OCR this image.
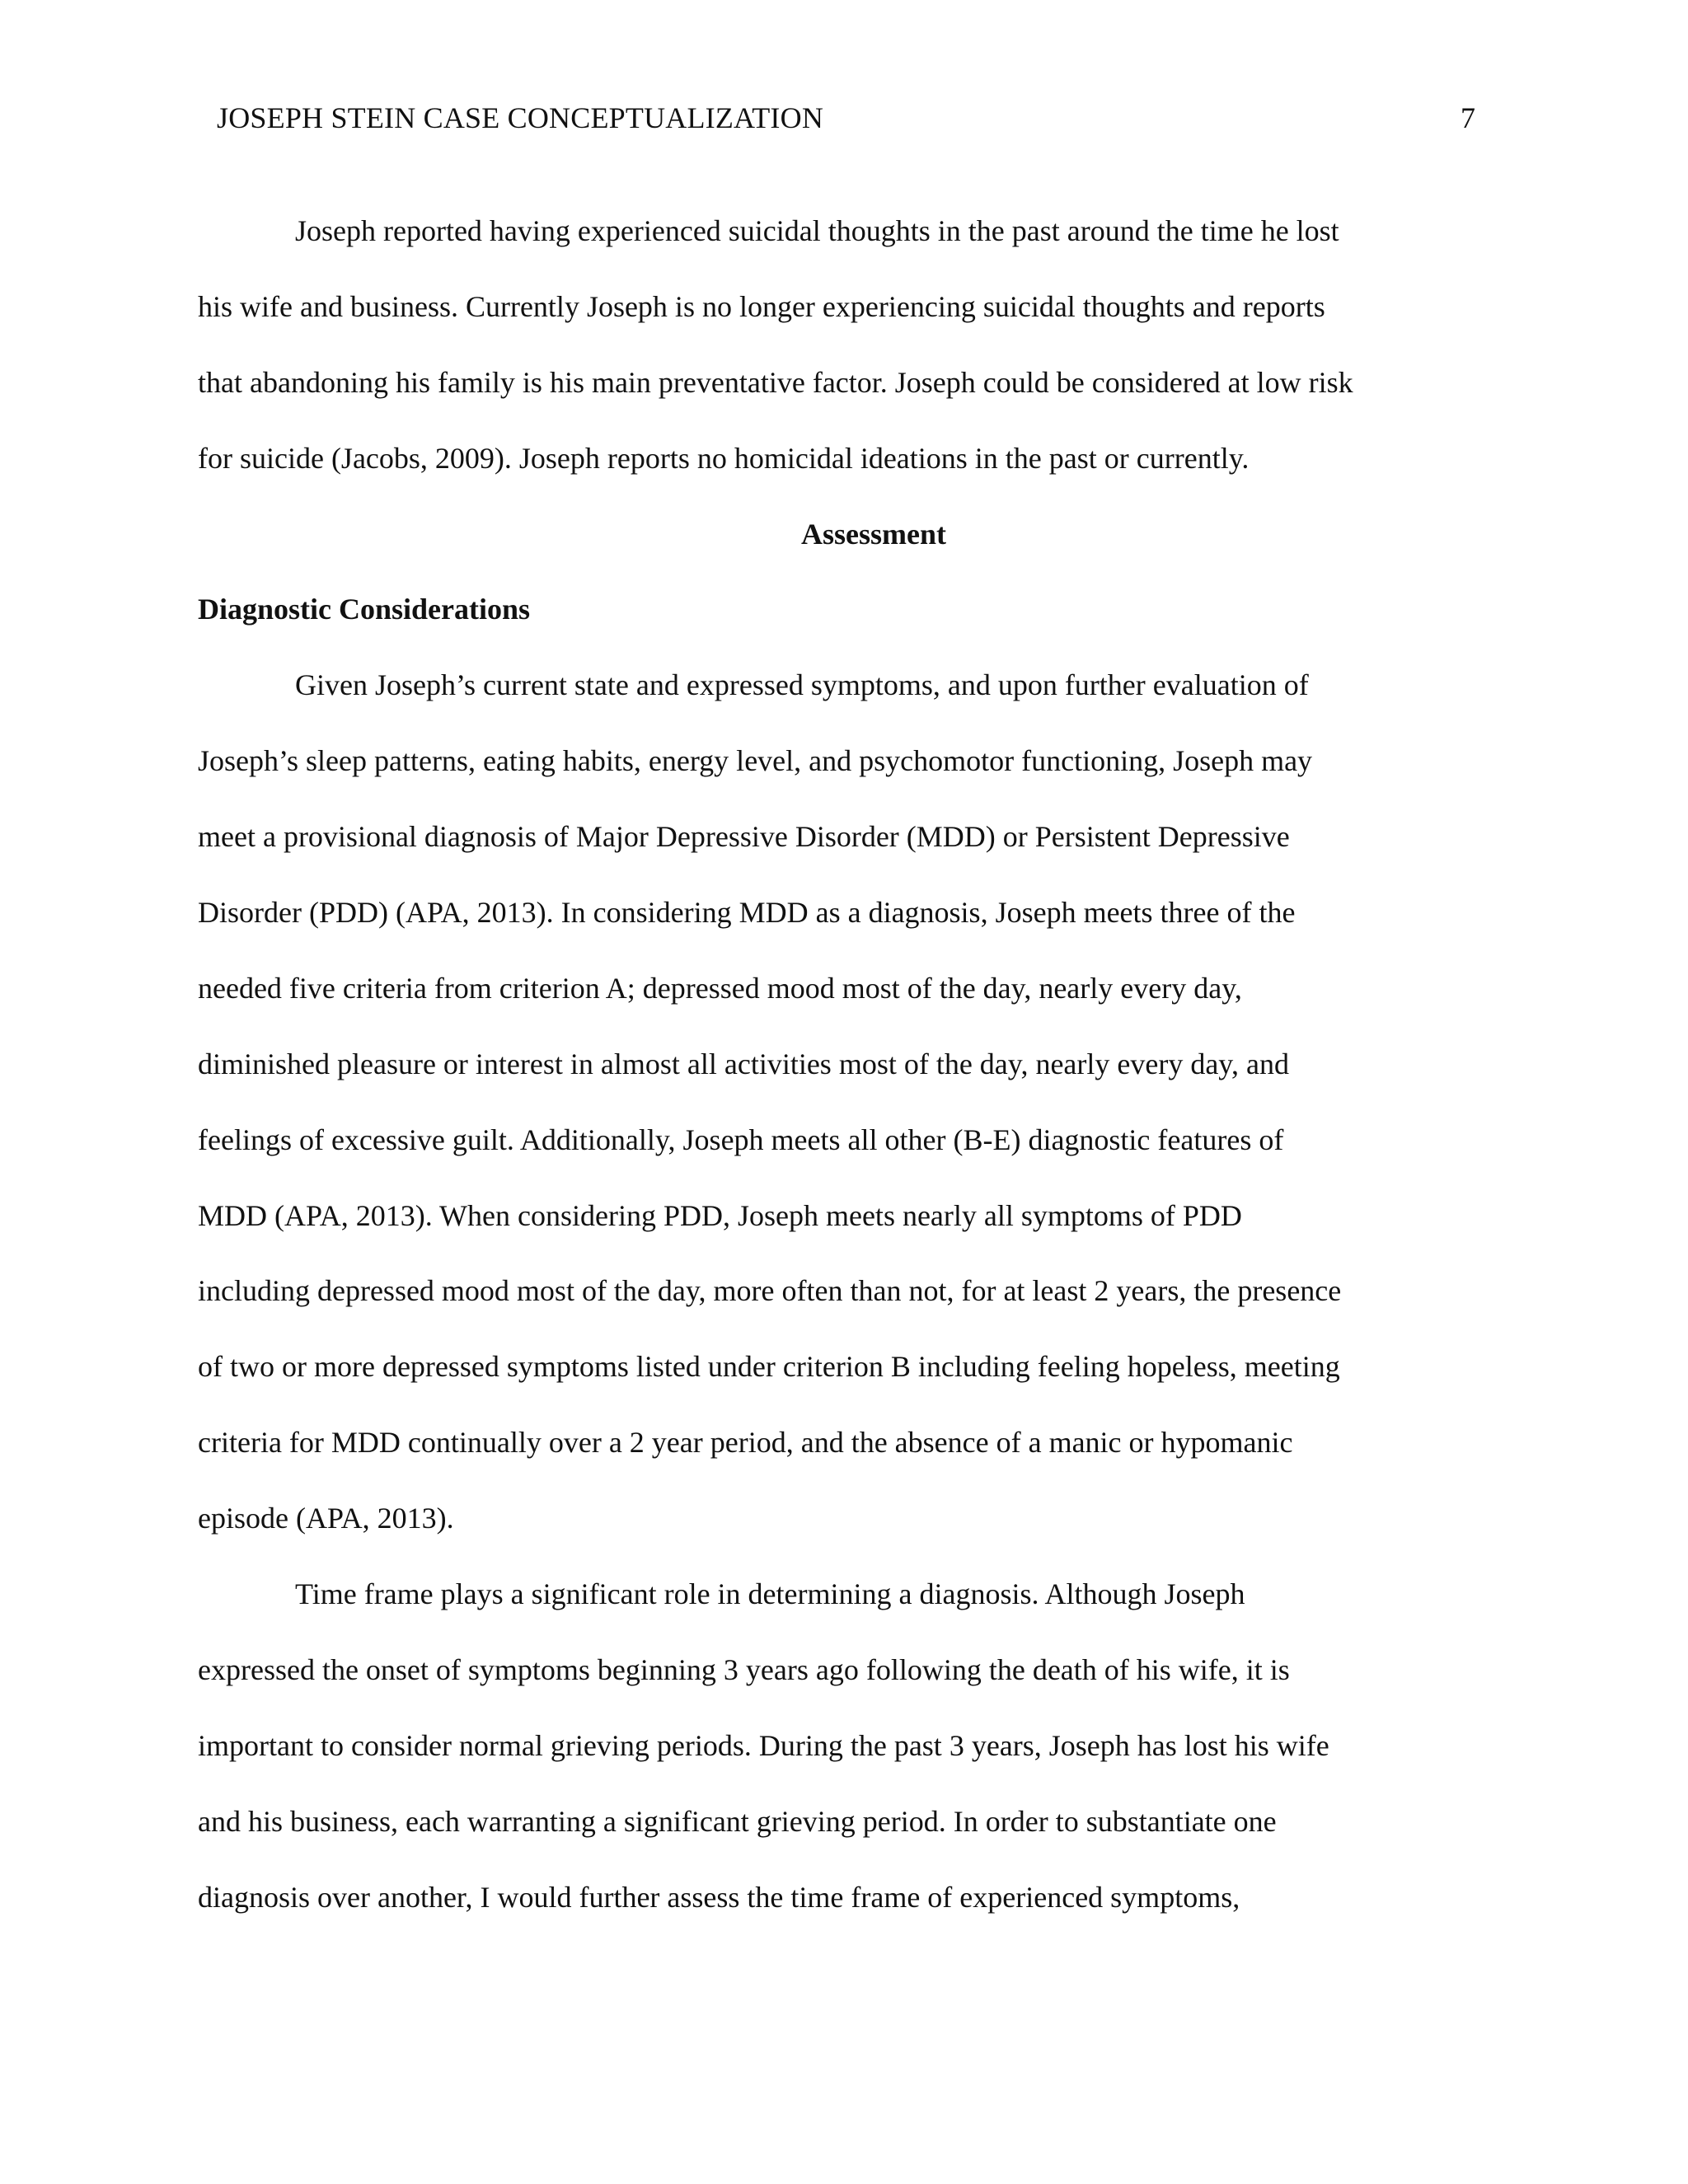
JOSEPH STEIN CASE CONCEPTUALIZATION	7
Joseph reported having experienced suicidal thoughts in the past around the time he lost
his wife and business. Currently Joseph is no longer experiencing suicidal thoughts and reports
that abandoning his family is his main preventative factor. Joseph could be considered at low risk
for suicide (Jacobs, 2009). Joseph reports no homicidal ideations in the past or currently.
Assessment
Diagnostic Considerations
Given Joseph’s current state and expressed symptoms, and upon further evaluation of
Joseph’s sleep patterns, eating habits, energy level, and psychomotor functioning, Joseph may
meet a provisional diagnosis of Major Depressive Disorder (MDD) or Persistent Depressive
Disorder (PDD) (APA, 2013). In considering MDD as a diagnosis, Joseph meets three of the
needed five criteria from criterion A; depressed mood most of the day, nearly every day,
diminished pleasure or interest in almost all activities most of the day, nearly every day, and
feelings of excessive guilt. Additionally, Joseph meets all other (B-E) diagnostic features of
MDD (APA, 2013). When considering PDD, Joseph meets nearly all symptoms of PDD
including depressed mood most of the day, more often than not, for at least 2 years, the presence
of two or more depressed symptoms listed under criterion B including feeling hopeless, meeting
criteria for MDD continually over a 2 year period, and the absence of a manic or hypomanic
episode (APA, 2013).
Time frame plays a significant role in determining a diagnosis. Although Joseph
expressed the onset of symptoms beginning 3 years ago following the death of his wife, it is
important to consider normal grieving periods. During the past 3 years, Joseph has lost his wife
and his business, each warranting a significant grieving period. In order to substantiate one
diagnosis over another, I would further assess the time frame of experienced symptoms,
